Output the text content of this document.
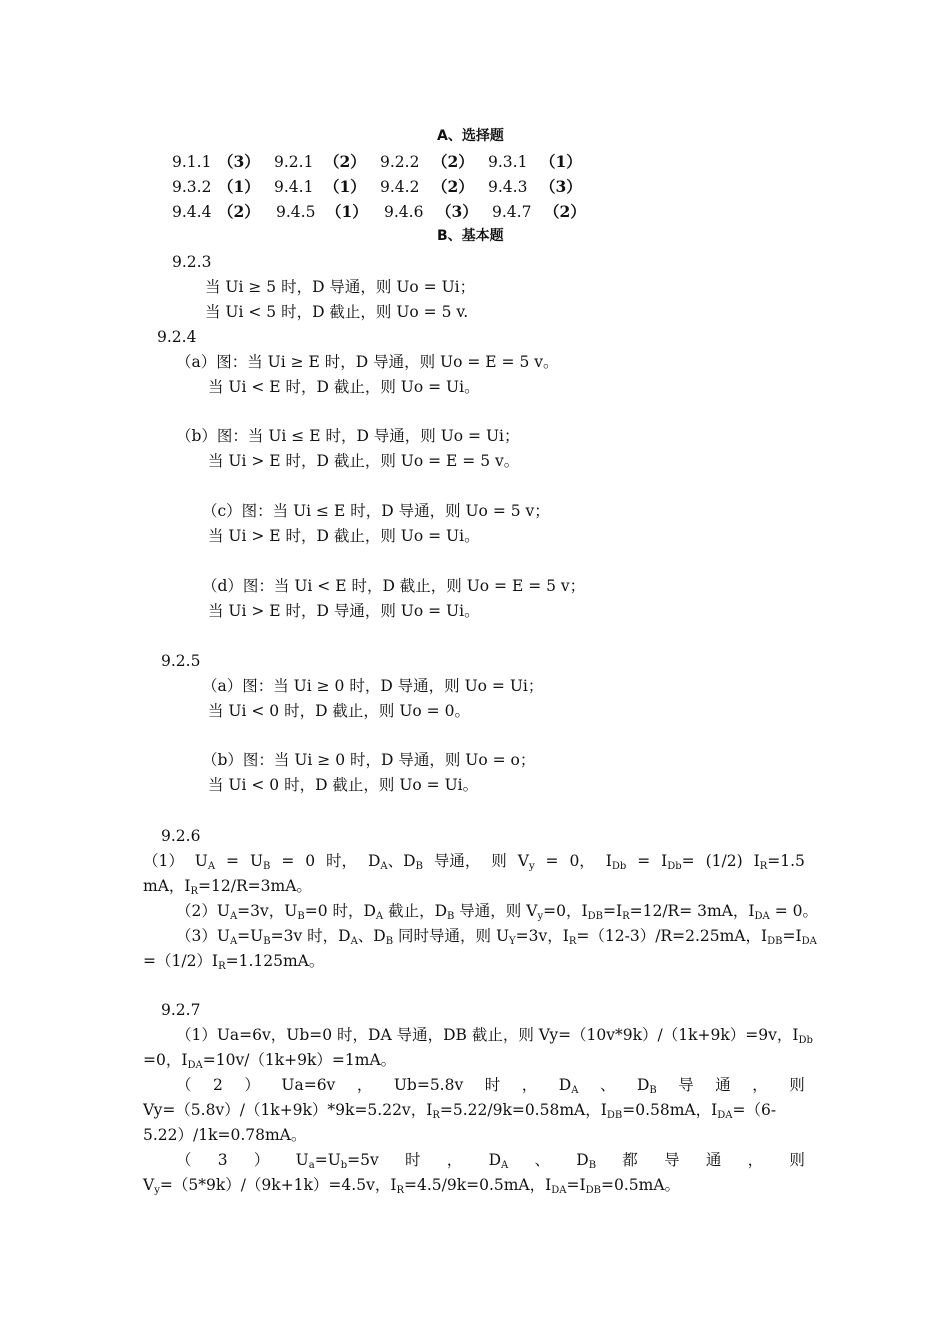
A、选择题
9.1.1 （3） 9.2.1 （2） 9.2.2 （2） 9.3.1 （1）
9.3.2 （1） 9.4.1 （1） 9.4.2 （2） 9.4.3 （3）
9.4.4 （2） 9.4.5 （1） 9.4.6 （3） 9.4.7 （2）
B、基本题
9.2.3
当 Ui ≥ 5 时，D 导通，则 Uo = Ui；
当 Ui < 5 时，D 截止，则 Uo = 5 v.
9.2.4
（a）图：当 Ui ≥ E 时，D 导通，则 Uo = E = 5 v。
当 Ui < E 时，D 截止，则 Uo = Ui。
（b）图：当 Ui ≤ E 时，D 导通，则 Uo = Ui；
当 Ui > E 时，D 截止，则 Uo = E = 5 v。
（c）图：当 Ui ≤ E 时，D 导通，则 Uo = 5 v；
当 Ui > E 时，D 截止，则 Uo = Ui。
（d）图：当 Ui < E 时，D 截止，则 Uo = E = 5 v；
当 Ui > E 时，D 导通，则 Uo = Ui。
9.2.5
（a）图：当 Ui ≥ 0 时，D 导通，则 Uo = Ui；
当 Ui < 0 时，D 截止，则 Uo = 0。
（b）图：当 Ui ≥ 0 时，D 导通，则 Uo = o；
当 Ui < 0 时，D 截止，则 Uo = Ui。
9.2.6
（1） $U_A = U_B = 0$ 时， $D_A$、$D_B$ 导通， 则 $V_y = 0$， $I_{Db} = I_{Db}= (1/2)$ $I_R=1.5$
mA，$I_R=12/R=3mA$。
$(2)U_A=3v$，$U_B=0$ 时，$D_A$ 截止，$D_B$ 导通，则 $V_y=0$，$I_{DB}=I_R=12/R= 3mA$，$I_{DA} = 0$。
$(3)U_A=U_B=3v$ 时，$D_A$、$D_B$ 同时导通，则 $U_Y=3v$，$I_R=(12-3)/R=2.25mA$，$I_{DB}=I_{DA}$
$=(1/2)I_R=1.125mA$。
9.2.7
（1）Ua=6v，Ub=0 时，DA 导通，DB 截止，则 Vy=（10v*9k）/（1k+9k）=9v，$I_{Db}$
=0，$I_{DA}=10v/(1k+9k)=1mA$。
（ 2 ） Ua=6v ， Ub=5.8v 时 ， $D_A$ 、 $D_B$ 导 通 ， 则
Vy=（5.8v）/（1k+9k）*9k=5.22v，$I_R=5.22/9k=0.58mA$，$I_{DB}=0.58mA$，$I_{DA}=(6-$
5.22）/1k=0.78mA。
（ 3 ） $U_a=U_b=5v$ 时 ， $D_A$ 、 $D_B$ 都 导 通 ， 则
$V_y=(5*9k)/(9k+1k)=4.5v$，$I_R=4.5/9k=0.5mA$，$I_{DA}=I_{DB}=0.5mA$。
